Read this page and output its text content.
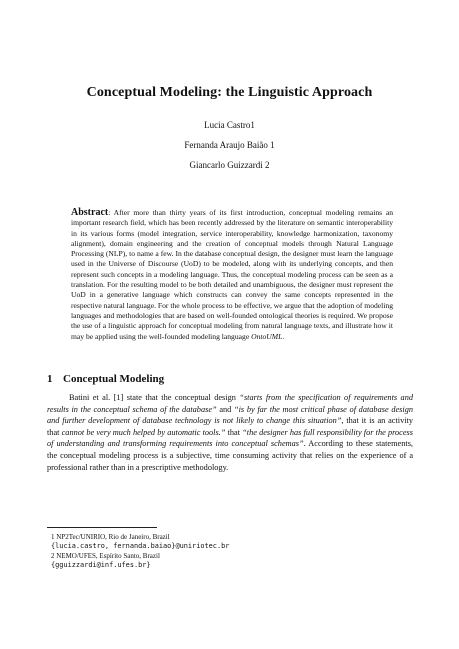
Conceptual Modeling: the Linguistic Approach
Lucia Castro1
Fernanda Araujo Baião 1
Giancarlo Guizzardi 2
Abstract: After more than thirty years of its first introduction, conceptual modeling remains an important research field, which has been recently addressed by the literature on semantic interoperability in its various forms (model integration, service interoperability, knowledge harmonization, taxonomy alignment), domain engineering and the creation of conceptual models through Natural Language Processing (NLP), to name a few. In the database conceptual design, the designer must learn the language used in the Universe of Discourse (UoD) to be modeled, along with its underlying concepts, and then represent such concepts in a modeling language. Thus, the conceptual modeling process can be seen as a translation. For the resulting model to be both detailed and unambiguous, the designer must represent the UoD in a generative language which constructs can convey the same concepts represented in the respective natural language. For the whole process to be effective, we argue that the adoption of modeling languages and methodologies that are based on well-founded ontological theories is required. We propose the use of a linguistic approach for conceptual modeling from natural language texts, and illustrate how it may be applied using the well-founded modeling language OntoUML.
1 Conceptual Modeling
Batini et al. [1] state that the conceptual design “starts from the specification of requirements and results in the conceptual schema of the database” and “is by far the most critical phase of database design and further development of database technology is not likely to change this situation”, that it is an activity that cannot be very much helped by automatic tools.” that “the designer has full responsibility for the process of understanding and transforming requirements into conceptual schemas”. According to these statements, the conceptual modeling process is a subjective, time consuming activity that relies on the experience of a professional rather than in a prescriptive methodology.
1 NP2Tec/UNIRIO, Rio de Janeiro, Brazil
{lucia.castro, fernanda.baiao}@uniriotec.br
2 NEMO/UFES, Espírito Santo, Brazil
{gguizzardi@inf.ufes.br}
